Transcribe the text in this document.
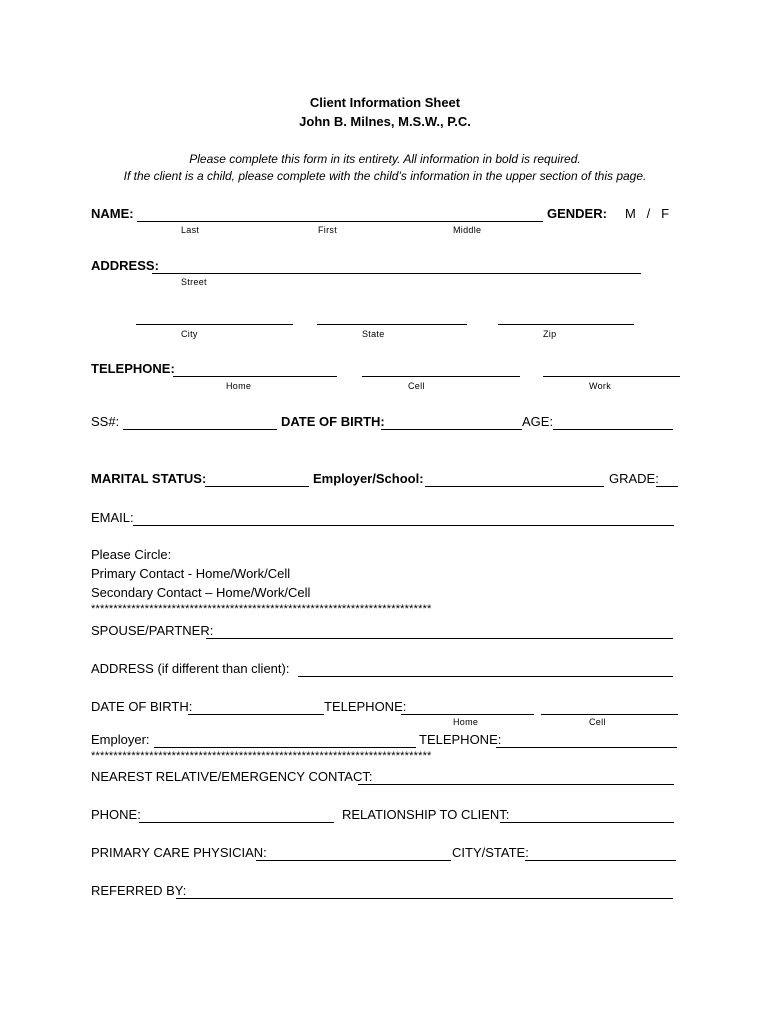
Client Information Sheet
John B. Milnes, M.S.W., P.C.
Please complete this form in its entirety. All information in bold is required.
If the client is a child, please complete with the child’s information in the upper section of this page.
NAME:	GENDER: M   /   F
Last	First	Middle
ADDRESS:
Street
City	State	Zip
TELEPHONE:
Home	Cell	Work
SS#:	DATE OF BIRTH:	AGE:
MARITAL STATUS:	Employer/School:	GRADE:
EMAIL:
Please Circle:
Primary Contact - Home/Work/Cell
Secondary Contact – Home/Work/Cell
****************************************************************************
SPOUSE/PARTNER:
ADDRESS (if different than client):
DATE OF BIRTH:	TELEPHONE:
Home	Cell
Employer:	TELEPHONE:
****************************************************************************
NEAREST RELATIVE/EMERGENCY CONTACT:
PHONE:	RELATIONSHIP TO CLIENT:
PRIMARY CARE PHYSICIAN:	CITY/STATE:
REFERRED BY:
